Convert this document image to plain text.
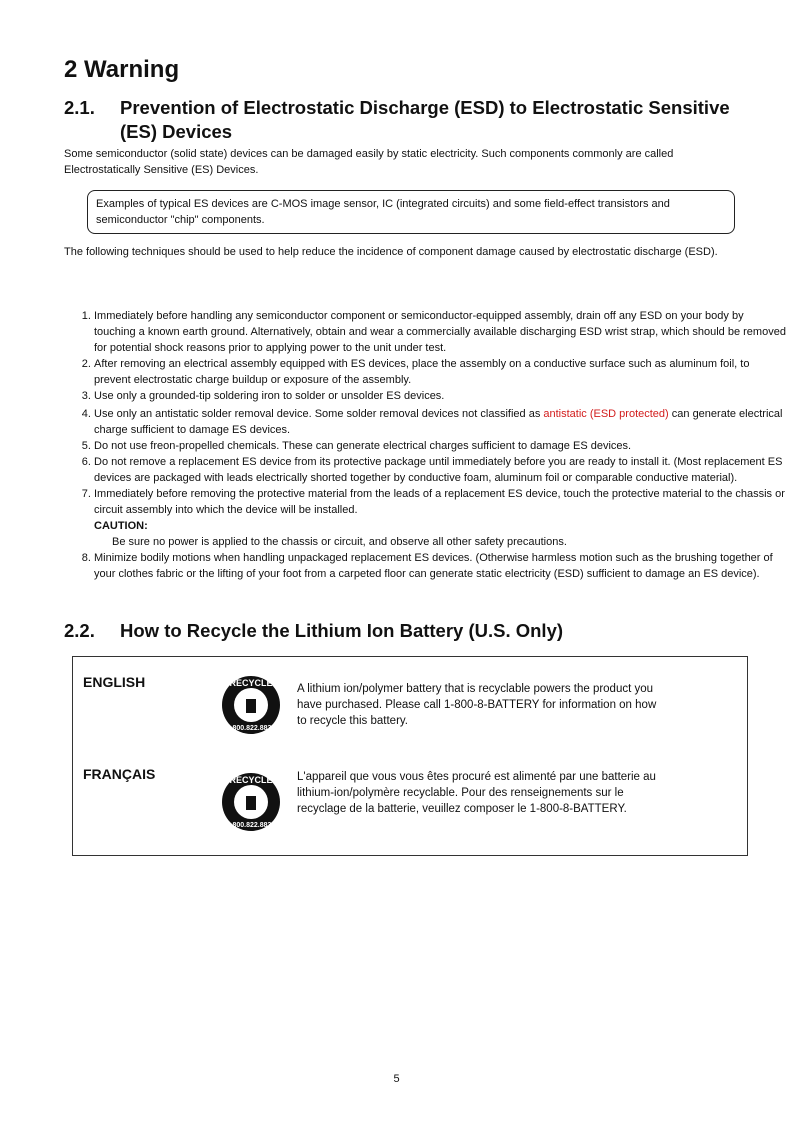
2 Warning
2.1. Prevention of Electrostatic Discharge (ESD) to Electrostatic Sensitive
(ES) Devices
Some semiconductor (solid state) devices can be damaged easily by static electricity. Such components commonly are called Electrostatically Sensitive (ES) Devices.
Examples of typical ES devices are C-MOS image sensor, IC (integrated circuits) and some field-effect transistors and semiconductor "chip" components.
The following techniques should be used to help reduce the incidence of component damage caused by electrostatic discharge (ESD).
1. Immediately before handling any semiconductor component or semiconductor-equipped assembly, drain off any ESD on your body by touching a known earth ground. Alternatively, obtain and wear a commercially available discharging ESD wrist strap, which should be removed for potential shock reasons prior to applying power to the unit under test.
2. After removing an electrical assembly equipped with ES devices, place the assembly on a conductive surface such as aluminum foil, to prevent electrostatic charge buildup or exposure of the assembly.
3. Use only a grounded-tip soldering iron to solder or unsolder ES devices.
4. Use only an antistatic solder removal device. Some solder removal devices not classified as antistatic (ESD protected) can generate electrical charge sufficient to damage ES devices.
5. Do not use freon-propelled chemicals. These can generate electrical charges sufficient to damage ES devices.
6. Do not remove a replacement ES device from its protective package until immediately before you are ready to install it. (Most replacement ES devices are packaged with leads electrically shorted together by conductive foam, aluminum foil or comparable conductive material).
7. Immediately before removing the protective material from the leads of a replacement ES device, touch the protective material to the chassis or circuit assembly into which the device will be installed.
CAUTION:
Be sure no power is applied to the chassis or circuit, and observe all other safety precautions.
8. Minimize bodily motions when handling unpackaged replacement ES devices. (Otherwise harmless motion such as the brushing together of your clothes fabric or the lifting of your foot from a carpeted floor can generate static electricity (ESD) sufficient to damage an ES device).
2.2. How to Recycle the Lithium Ion Battery (U.S. Only)
ENGLISH	RECYCLE
1.800.822.8837
A lithium ion/polymer battery that is recyclable powers the product you have purchased. Please call 1-800-8-BATTERY for information on how to recycle this battery.
FRANÇAIS	RECYCLE
1.800.822.8837
L'appareil que vous vous êtes procuré est alimenté par une batterie au lithium-ion/polymère recyclable. Pour des renseignements sur le recyclage de la batterie, veuillez composer le 1-800-8-BATTERY.
5
